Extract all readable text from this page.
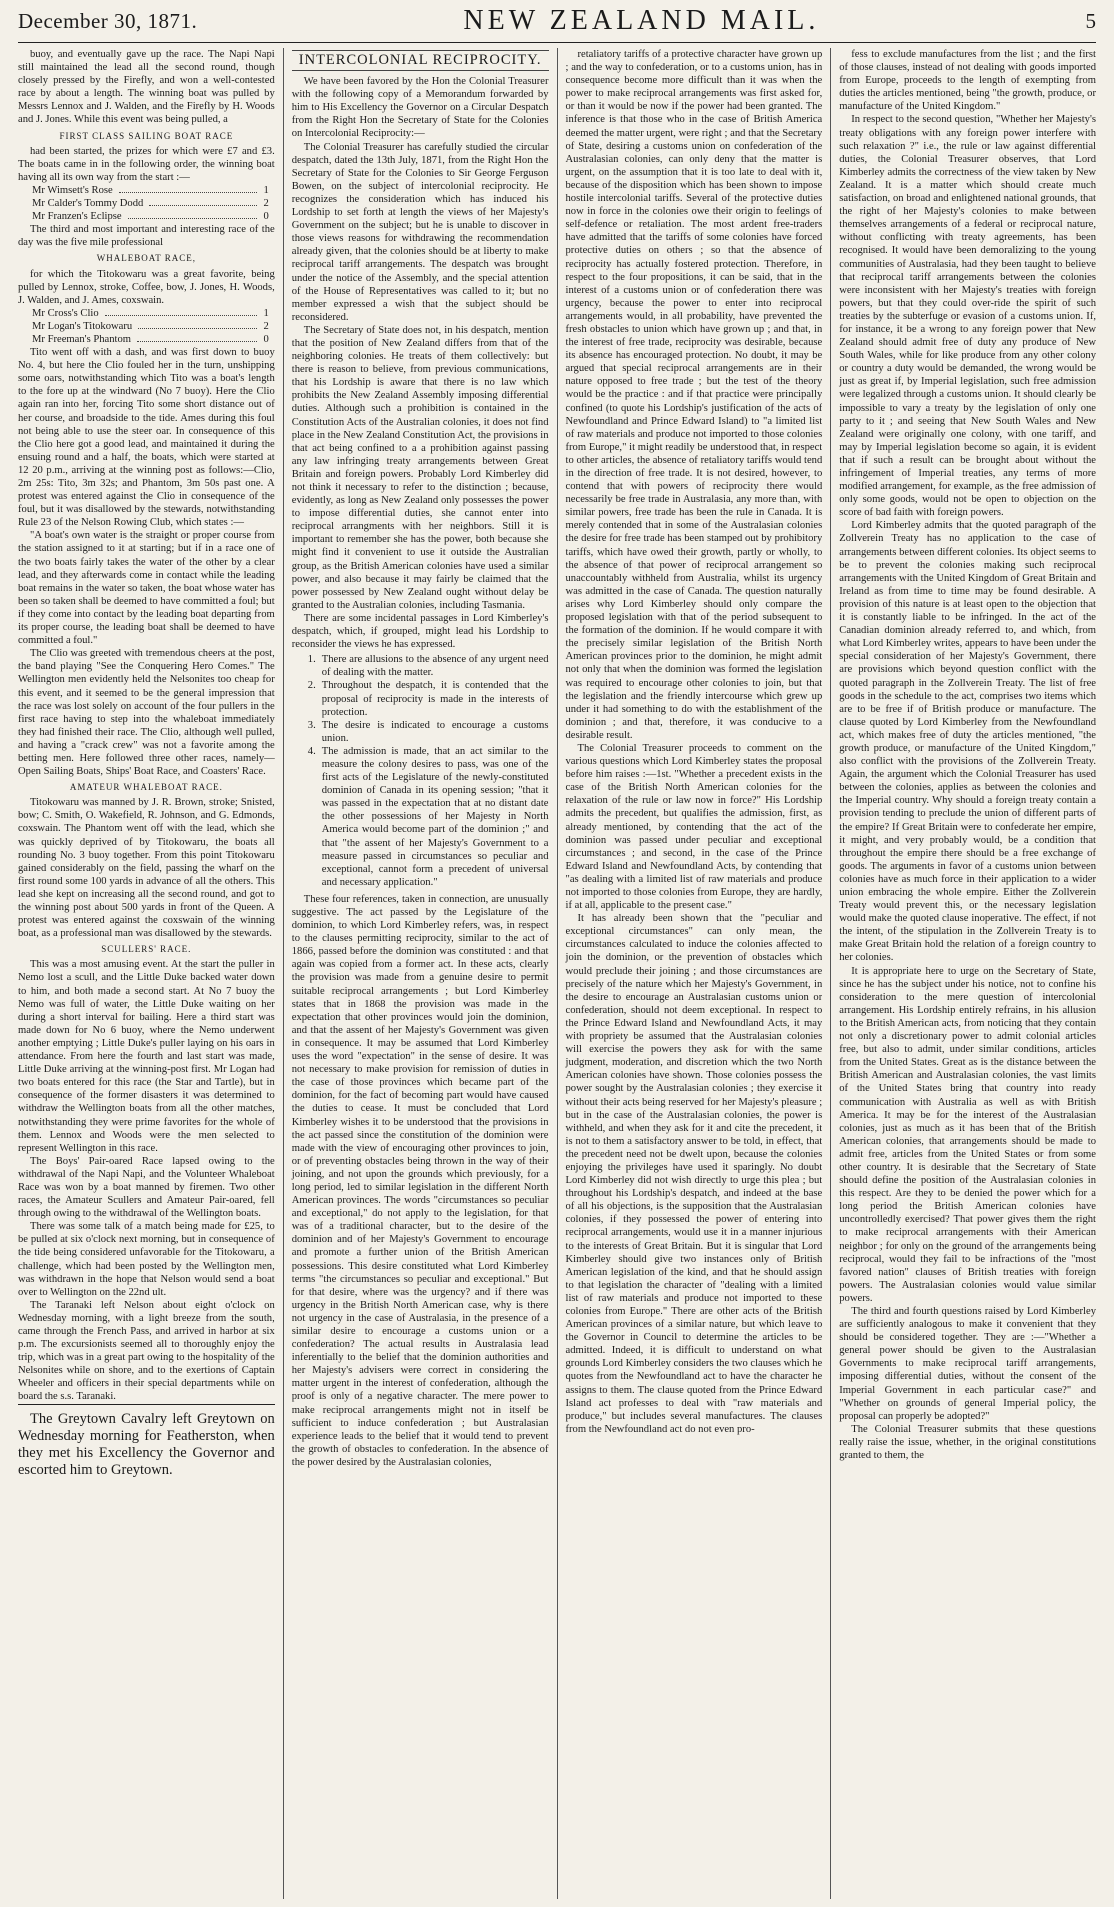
December 30, 1871.	NEW ZEALAND MAIL.	5

buoy, and eventually gave up the race. The Napi Napi still maintained the lead all the second round, though closely pressed by the Firefly, and won a well-contested race by about a length. The winning boat was pulled by Messrs Lennox and J. Walden, and the Firefly by H. Woods and J. Jones. While this event was being pulled, a

FIRST CLASS SAILING BOAT RACE

had been started, the prizes for which were £7 and £3. The boats came in in the following order, the winning boat having all its own way from the start :—

Mr Wimsett's Rose	1
Mr Calder's Tommy Dodd	2
Mr Franzen's Eclipse	0

The third and most important and interesting race of the day was the five mile professional

WHALEBOAT RACE,

for which the Titokowaru was a great favorite, being pulled by Lennox, stroke, Coffee, bow, J. Jones, H. Woods, J. Walden, and J. Ames, coxswain.

Mr Cross's Clio	1
Mr Logan's Titokowaru	2
Mr Freeman's Phantom	0

Tito went off with a dash, and was first down to buoy No. 4, but here the Clio fouled her in the turn, unshipping some oars, notwithstanding which Tito was a boat's length to the fore up at the windward (No 7 buoy). Here the Clio again ran into her, forcing Tito some short distance out of her course, and broadside to the tide. Ames during this foul not being able to use the steer oar. In consequence of this the Clio here got a good lead, and maintained it during the ensuing round and a half, the boats, which were started at 12 20 p.m., arriving at the winning post as follows:—Clio, 2m 25s: Tito, 3m 32s; and Phantom, 3m 50s past one. A protest was entered against the Clio in consequence of the foul, but it was disallowed by the stewards, notwithstanding Rule 23 of the Nelson Rowing Club, which states :—

"A boat's own water is the straight or proper course from the station assigned to it at starting; but if in a race one of the two boats fairly takes the water of the other by a clear lead, and they afterwards come in contact while the leading boat remains in the water so taken, the boat whose water has been so taken shall be deemed to have committed a foul; but if they come into contact by the leading boat departing from its proper course, the leading boat shall be deemed to have committed a foul."

The Clio was greeted with tremendous cheers at the post, the band playing "See the Conquering Hero Comes." The Wellington men evidently held the Nelsonites too cheap for this event, and it seemed to be the general impression that the race was lost solely on account of the four pullers in the first race having to step into the whaleboat immediately they had finished their race. The Clio, although well pulled, and having a "crack crew" was not a favorite among the betting men. Here followed three other races, namely— Open Sailing Boats, Ships' Boat Race, and Coasters' Race.

AMATEUR WHALEBOAT RACE.

Titokowaru was manned by J. R. Brown, stroke; Snisted, bow; C. Smith, O. Wakefield, R. Johnson, and G. Edmonds, coxswain. The Phantom went off with the lead, which she was quickly deprived of by Titokowaru, the boats all rounding No. 3 buoy together. From this point Titokowaru gained considerably on the field, passing the wharf on the first round some 100 yards in advance of all the others. This lead she kept on increasing all the second round, and got to the winning post about 500 yards in front of the Queen. A protest was entered against the coxswain of the winning boat, as a professional man was disallowed by the stewards.

SCULLERS' RACE.

This was a most amusing event. At the start the puller in Nemo lost a scull, and the Little Duke backed water down to him, and both made a second start. At No 7 buoy the Nemo was full of water, the Little Duke waiting on her during a short interval for bailing. Here a third start was made down for No 6 buoy, where the Nemo underwent another emptying ; Little Duke's puller laying on his oars in attendance. From here the fourth and last start was made, Little Duke arriving at the winning-post first. Mr Logan had two boats entered for this race (the Star and Tartle), but in consequence of the former disasters it was determined to withdraw the Wellington boats from all the other matches, notwithstanding they were prime favorites for the whole of them. Lennox and Woods were the men selected to represent Wellington in this race.

The Boys' Pair-oared Race lapsed owing to the withdrawal of the Napi Napi, and the Volunteer Whaleboat Race was won by a boat manned by firemen. Two other races, the Amateur Scullers and Amateur Pair-oared, fell through owing to the withdrawal of the Wellington boats.

There was some talk of a match being made for £25, to be pulled at six o'clock next morning, but in consequence of the tide being considered unfavorable for the Titokowaru, a challenge, which had been posted by the Wellington men, was withdrawn in the hope that Nelson would send a boat over to Wellington on the 22nd ult.

The Taranaki left Nelson about eight o'clock on Wednesday morning, with a light breeze from the south, came through the French Pass, and arrived in harbor at six p.m. The excursionists seemed all to thoroughly enjoy the trip, which was in a great part owing to the hospitality of the Nelsonites while on shore, and to the exertions of Captain Wheeler and officers in their special departments while on board the s.s. Taranaki.

The Greytown Cavalry left Greytown on Wednesday morning for Featherston, when they met his Excellency the Governor and escorted him to Greytown.

INTERCOLONIAL RECIPROCITY.

We have been favored by the Hon the Colonial Treasurer with the following copy of a Memorandum forwarded by him to His Excellency the Governor on a Circular Despatch from the Right Hon the Secretary of State for the Colonies on Intercolonial Reciprocity:—

The Colonial Treasurer has carefully studied the circular despatch, dated the 13th July, 1871, from the Right Hon the Secretary of State for the Colonies to Sir George Ferguson Bowen, on the subject of intercolonial reciprocity. He recognizes the consideration which has induced his Lordship to set forth at length the views of her Majesty's Government on the subject; but he is unable to discover in those views reasons for withdrawing the recommendation already given, that the colonies should be at liberty to make reciprocal tariff arrangements. The despatch was brought under the notice of the Assembly, and the special attention of the House of Representatives was called to it; but no member expressed a wish that the subject should be reconsidered.

The Secretary of State does not, in his despatch, mention that the position of New Zealand differs from that of the neighboring colonies. He treats of them collectively: but there is reason to believe, from previous communications, that his Lordship is aware that there is no law which prohibits the New Zealand Assembly imposing differential duties. Although such a prohibition is contained in the Constitution Acts of the Australian colonies, it does not find place in the New Zealand Constitution Act, the provisions in that act being confined to a a prohibition against passing any law infringing treaty arrangements between Great Britain and foreign powers. Probably Lord Kimberley did not think it necessary to refer to the distinction ; because, evidently, as long as New Zealand only possesses the power to impose differential duties, she cannot enter into reciprocal arrangments with her neighbors. Still it is important to remember she has the power, both because she might find it convenient to use it outside the Australian group, as the British American colonies have used a similar power, and also because it may fairly be claimed that the power possessed by New Zealand ought without delay be granted to the Australian colonies, including Tasmania.

There are some incidental passages in Lord Kimberley's despatch, which, if grouped, might lead his Lordship to reconsider the views he has expressed.

1. There are allusions to the absence of any urgent need of dealing with the matter.
2. Throughout the despatch, it is contended that the proposal of reciprocity is made in the interests of protection.
3. The desire is indicated to encourage a customs union.
4. The admission is made, that an act similar to the measure the colony desires to pass, was one of the first acts of the Legislature of the newly-constituted dominion of Canada in its opening session; "that it was passed in the expectation that at no distant date the other possessions of her Majesty in North America would become part of the dominion ;" and that "the assent of her Majesty's Government to a measure passed in circumstances so peculiar and exceptional, cannot form a precedent of universal and necessary application."

These four references, taken in connection, are unusually suggestive. The act passed by the Legislature of the dominion, to which Lord Kimberley refers, was, in respect to the clauses permitting reciprocity, similar to the act of 1866, passed before the dominion was constituted : and that again was copied from a former act. In these acts, clearly the provision was made from a genuine desire to permit suitable reciprocal arrangements ; but Lord Kimberley states that in 1868 the provision was made in the expectation that other provinces would join the dominion, and that the assent of her Majesty's Government was given in consequence. It may be assumed that Lord Kimberley uses the word "expectation" in the sense of desire. It was not necessary to make provision for remission of duties in the case of those provinces which became part of the dominion, for the fact of becoming part would have caused the duties to cease. It must be concluded that Lord Kimberley wishes it to be understood that the provisions in the act passed since the constitution of the dominion were made with the view of encouraging other provinces to join, or of preventing obstacles being thrown in the way of their joining, and not upon the grounds which previously, for a long period, led to similar legislation in the different North American provinces. The words "circumstances so peculiar and exceptional," do not apply to the legislation, for that was of a traditional character, but to the desire of the dominion and of her Majesty's Government to encourage and promote a further union of the British American possessions. This desire constituted what Lord Kimberley terms "the circumstances so peculiar and exceptional." But for that desire, where was the urgency? and if there was urgency in the British North American case, why is there not urgency in the case of Australasia, in the presence of a similar desire to encourage a customs union or a confederation? The actual results in Australasia lead inferentially to the belief that the dominion authorities and her Majesty's advisers were correct in considering the matter urgent in the interest of confederation, although the proof is only of a negative character. The mere power to make reciprocal arrangements might not in itself be sufficient to induce confederation ; but Australasian experience leads to the belief that it would tend to prevent the growth of obstacles to confederation. In the absence of the power desired by the Australasian colonies,

retaliatory tariffs of a protective character have grown up ; and the way to confederation, or to a customs union, has in consequence become more difficult than it was when the power to make reciprocal arrangements was first asked for, or than it would be now if the power had been granted. The inference is that those who in the case of British America deemed the matter urgent, were right ; and that the Secretary of State, desiring a customs union on confederation of the Australasian colonies, can only deny that the matter is urgent, on the assumption that it is too late to deal with it, because of the disposition which has been shown to impose hostile intercolonial tariffs. Several of the protective duties now in force in the colonies owe their origin to feelings of self-defence or retaliation. The most ardent free-traders have admitted that the tariffs of some colonies have forced protective duties on others ; so that the absence of reciprocity has actually fostered protection. Therefore, in respect to the four propositions, it can be said, that in the interest of a customs union or of confederation there was urgency, because the power to enter into reciprocal arrangements would, in all probability, have prevented the fresh obstacles to union which have grown up ; and that, in the interest of free trade, reciprocity was desirable, because its absence has encouraged protection. No doubt, it may be argued that special reciprocal arrangements are in their nature opposed to free trade ; but the test of the theory would be the practice : and if that practice were principally confined (to quote his Lordship's justification of the acts of Newfoundland and Prince Edward Island) to "a limited list of raw materials and produce not imported to those colonies from Europe," it might readily be understood that, in respect to other articles, the absence of retaliatory tariffs would tend in the direction of free trade. It is not desired, however, to contend that with powers of reciprocity there would necessarily be free trade in Australasia, any more than, with similar powers, free trade has been the rule in Canada. It is merely contended that in some of the Australasian colonies the desire for free trade has been stamped out by prohibitory tariffs, which have owed their growth, partly or wholly, to the absence of that power of reciprocal arrangement so unaccountably withheld from Australia, whilst its urgency was admitted in the case of Canada. The question naturally arises why Lord Kimberley should only compare the proposed legislation with that of the period subsequent to the formation of the dominion. If he would compare it with the precisely similar legislation of the British North American provinces prior to the dominion, he might admit not only that when the dominion was formed the legislation was required to encourage other colonies to join, but that the legislation and the friendly intercourse which grew up under it had something to do with the establishment of the dominion ; and that, therefore, it was conducive to a desirable result.

The Colonial Treasurer proceeds to comment on the various questions which Lord Kimberley states the proposal before him raises :—1st. "Whether a precedent exists in the case of the British North American colonies for the relaxation of the rule or law now in force?" His Lordship admits the precedent, but qualifies the admission, first, as already mentioned, by contending that the act of the dominion was passed under peculiar and exceptional circumstances ; and second, in the case of the Prince Edward Island and Newfoundland Acts, by contending that "as dealing with a limited list of raw materials and produce not imported to those colonies from Europe, they are hardly, if at all, applicable to the present case."

It has already been shown that the "peculiar and exceptional circumstances" can only mean, the circumstances calculated to induce the colonies affected to join the dominion, or the prevention of obstacles which would preclude their joining ; and those circumstances are precisely of the nature which her Majesty's Government, in the desire to encourage an Australasian customs union or confederation, should not deem exceptional. In respect to the Prince Edward Island and Newfoundland Acts, it may with propriety be assumed that the Australasian colonies will exercise the powers they ask for with the same judgment, moderation, and discretion which the two North American colonies have shown. Those colonies possess the power sought by the Australasian colonies ; they exercise it without their acts being reserved for her Majesty's pleasure ; but in the case of the Australasian colonies, the power is withheld, and when they ask for it and cite the precedent, it is not to them a satisfactory answer to be told, in effect, that the precedent need not be dwelt upon, because the colonies enjoying the privileges have used it sparingly. No doubt Lord Kimberley did not wish directly to urge this plea ; but throughout his Lordship's despatch, and indeed at the base of all his objections, is the supposition that the Australasian colonies, if they possessed the power of entering into reciprocal arrangements, would use it in a manner injurious to the interests of Great Britain. But it is singular that Lord Kimberley should give two instances only of British American legislation of the kind, and that he should assign to that legislation the character of "dealing with a limited list of raw materials and produce not imported to these colonies from Europe." There are other acts of the British American provinces of a similar nature, but which leave to the Governor in Council to determine the articles to be admitted. Indeed, it is difficult to understand on what grounds Lord Kimberley considers the two clauses which he quotes from the Newfoundland act to have the character he assigns to them. The clause quoted from the Prince Edward Island act professes to deal with "raw materials and produce," but includes several manufactures. The clauses from the Newfoundland act do not even pro-

fess to exclude manufactures from the list ; and the first of those clauses, instead of not dealing with goods imported from Europe, proceeds to the length of exempting from duties the articles mentioned, being "the growth, produce, or manufacture of the United Kingdom."

In respect to the second question, "Whether her Majesty's treaty obligations with any foreign power interfere with such relaxation ?" i.e., the rule or law against differential duties, the Colonial Treasurer observes, that Lord Kimberley admits the correctness of the view taken by New Zealand. It is a matter which should create much satisfaction, on broad and enlightened national grounds, that the right of her Majesty's colonies to make between themselves arrangements of a federal or reciprocal nature, without conflicting with treaty agreements, has been recognised. It would have been demoralizing to the young communities of Australasia, had they been taught to believe that reciprocal tariff arrangements between the colonies were inconsistent with her Majesty's treaties with foreign powers, but that they could over-ride the spirit of such treaties by the subterfuge or evasion of a customs union. If, for instance, it be a wrong to any foreign power that New Zealand should admit free of duty any produce of New South Wales, while for like produce from any other colony or country a duty would be demanded, the wrong would be just as great if, by Imperial legislation, such free admission were legalized through a customs union. It should clearly be impossible to vary a treaty by the legislation of only one party to it ; and seeing that New South Wales and New Zealand were originally one colony, with one tariff, and may by Imperial legislation become so again, it is evident that if such a result can be brought about without the infringement of Imperial treaties, any terms of more modified arrangement, for example, as the free admission of only some goods, would not be open to objection on the score of bad faith with foreign powers.

Lord Kimberley admits that the quoted paragraph of the Zollverein Treaty has no application to the case of arrangements between different colonies. Its object seems to be to prevent the colonies making such reciprocal arrangements with the United Kingdom of Great Britain and Ireland as from time to time may be found desirable. A provision of this nature is at least open to the objection that it is constantly liable to be infringed. In the act of the Canadian dominion already referred to, and which, from what Lord Kimberley writes, appears to have been under the special consideration of her Majesty's Government, there are provisions which beyond question conflict with the quoted paragraph in the Zollverein Treaty. The list of free goods in the schedule to the act, comprises two items which are to be free if of British produce or manufacture. The clause quoted by Lord Kimberley from the Newfoundland act, which makes free of duty the articles mentioned, "the growth produce, or manufacture of the United Kingdom," also conflict with the provisions of the Zollverein Treaty. Again, the argument which the Colonial Treasurer has used between the colonies, applies as between the colonies and the Imperial country. Why should a foreign treaty contain a provision tending to preclude the union of different parts of the empire? If Great Britain were to confederate her empire, it might, and very probably would, be a condition that throughout the empire there should be a free exchange of goods. The arguments in favor of a customs union between colonies have as much force in their application to a wider union embracing the whole empire. Either the Zollverein Treaty would prevent this, or the necessary legislation would make the quoted clause inoperative. The effect, if not the intent, of the stipulation in the Zollverein Treaty is to make Great Britain hold the relation of a foreign country to her colonies.

It is appropriate here to urge on the Secretary of State, since he has the subject under his notice, not to confine his consideration to the mere question of intercolonial arrangement. His Lordship entirely refrains, in his allusion to the British American acts, from noticing that they contain not only a discretionary power to admit colonial articles free, but also to admit, under similar conditions, articles from the United States. Great as is the distance between the British American and Australasian colonies, the vast limits of the United States bring that country into ready communication with Australia as well as with British America. It may be for the interest of the Australasian colonies, just as much as it has been that of the British American colonies, that arrangements should be made to admit free, articles from the United States or from some other country. It is desirable that the Secretary of State should define the position of the Australasian colonies in this respect. Are they to be denied the power which for a long period the British American colonies have uncontrolledly exercised? That power gives them the right to make reciprocal arrangements with their American neighbor ; for only on the ground of the arrangements being reciprocal, would they fail to be infractions of the "most favored nation" clauses of British treaties with foreign powers. The Australasian colonies would value similar powers.

The third and fourth questions raised by Lord Kimberley are sufficiently analogous to make it convenient that they should be considered together. They are :—"Whether a general power should be given to the Australasian Governments to make reciprocal tariff arrangements, imposing differential duties, without the consent of the Imperial Government in each particular case?" and "Whether on grounds of general Imperial policy, the proposal can properly be adopted?"

The Colonial Treasurer submits that these questions really raise the issue, whether, in the original constitutions granted to them, the
